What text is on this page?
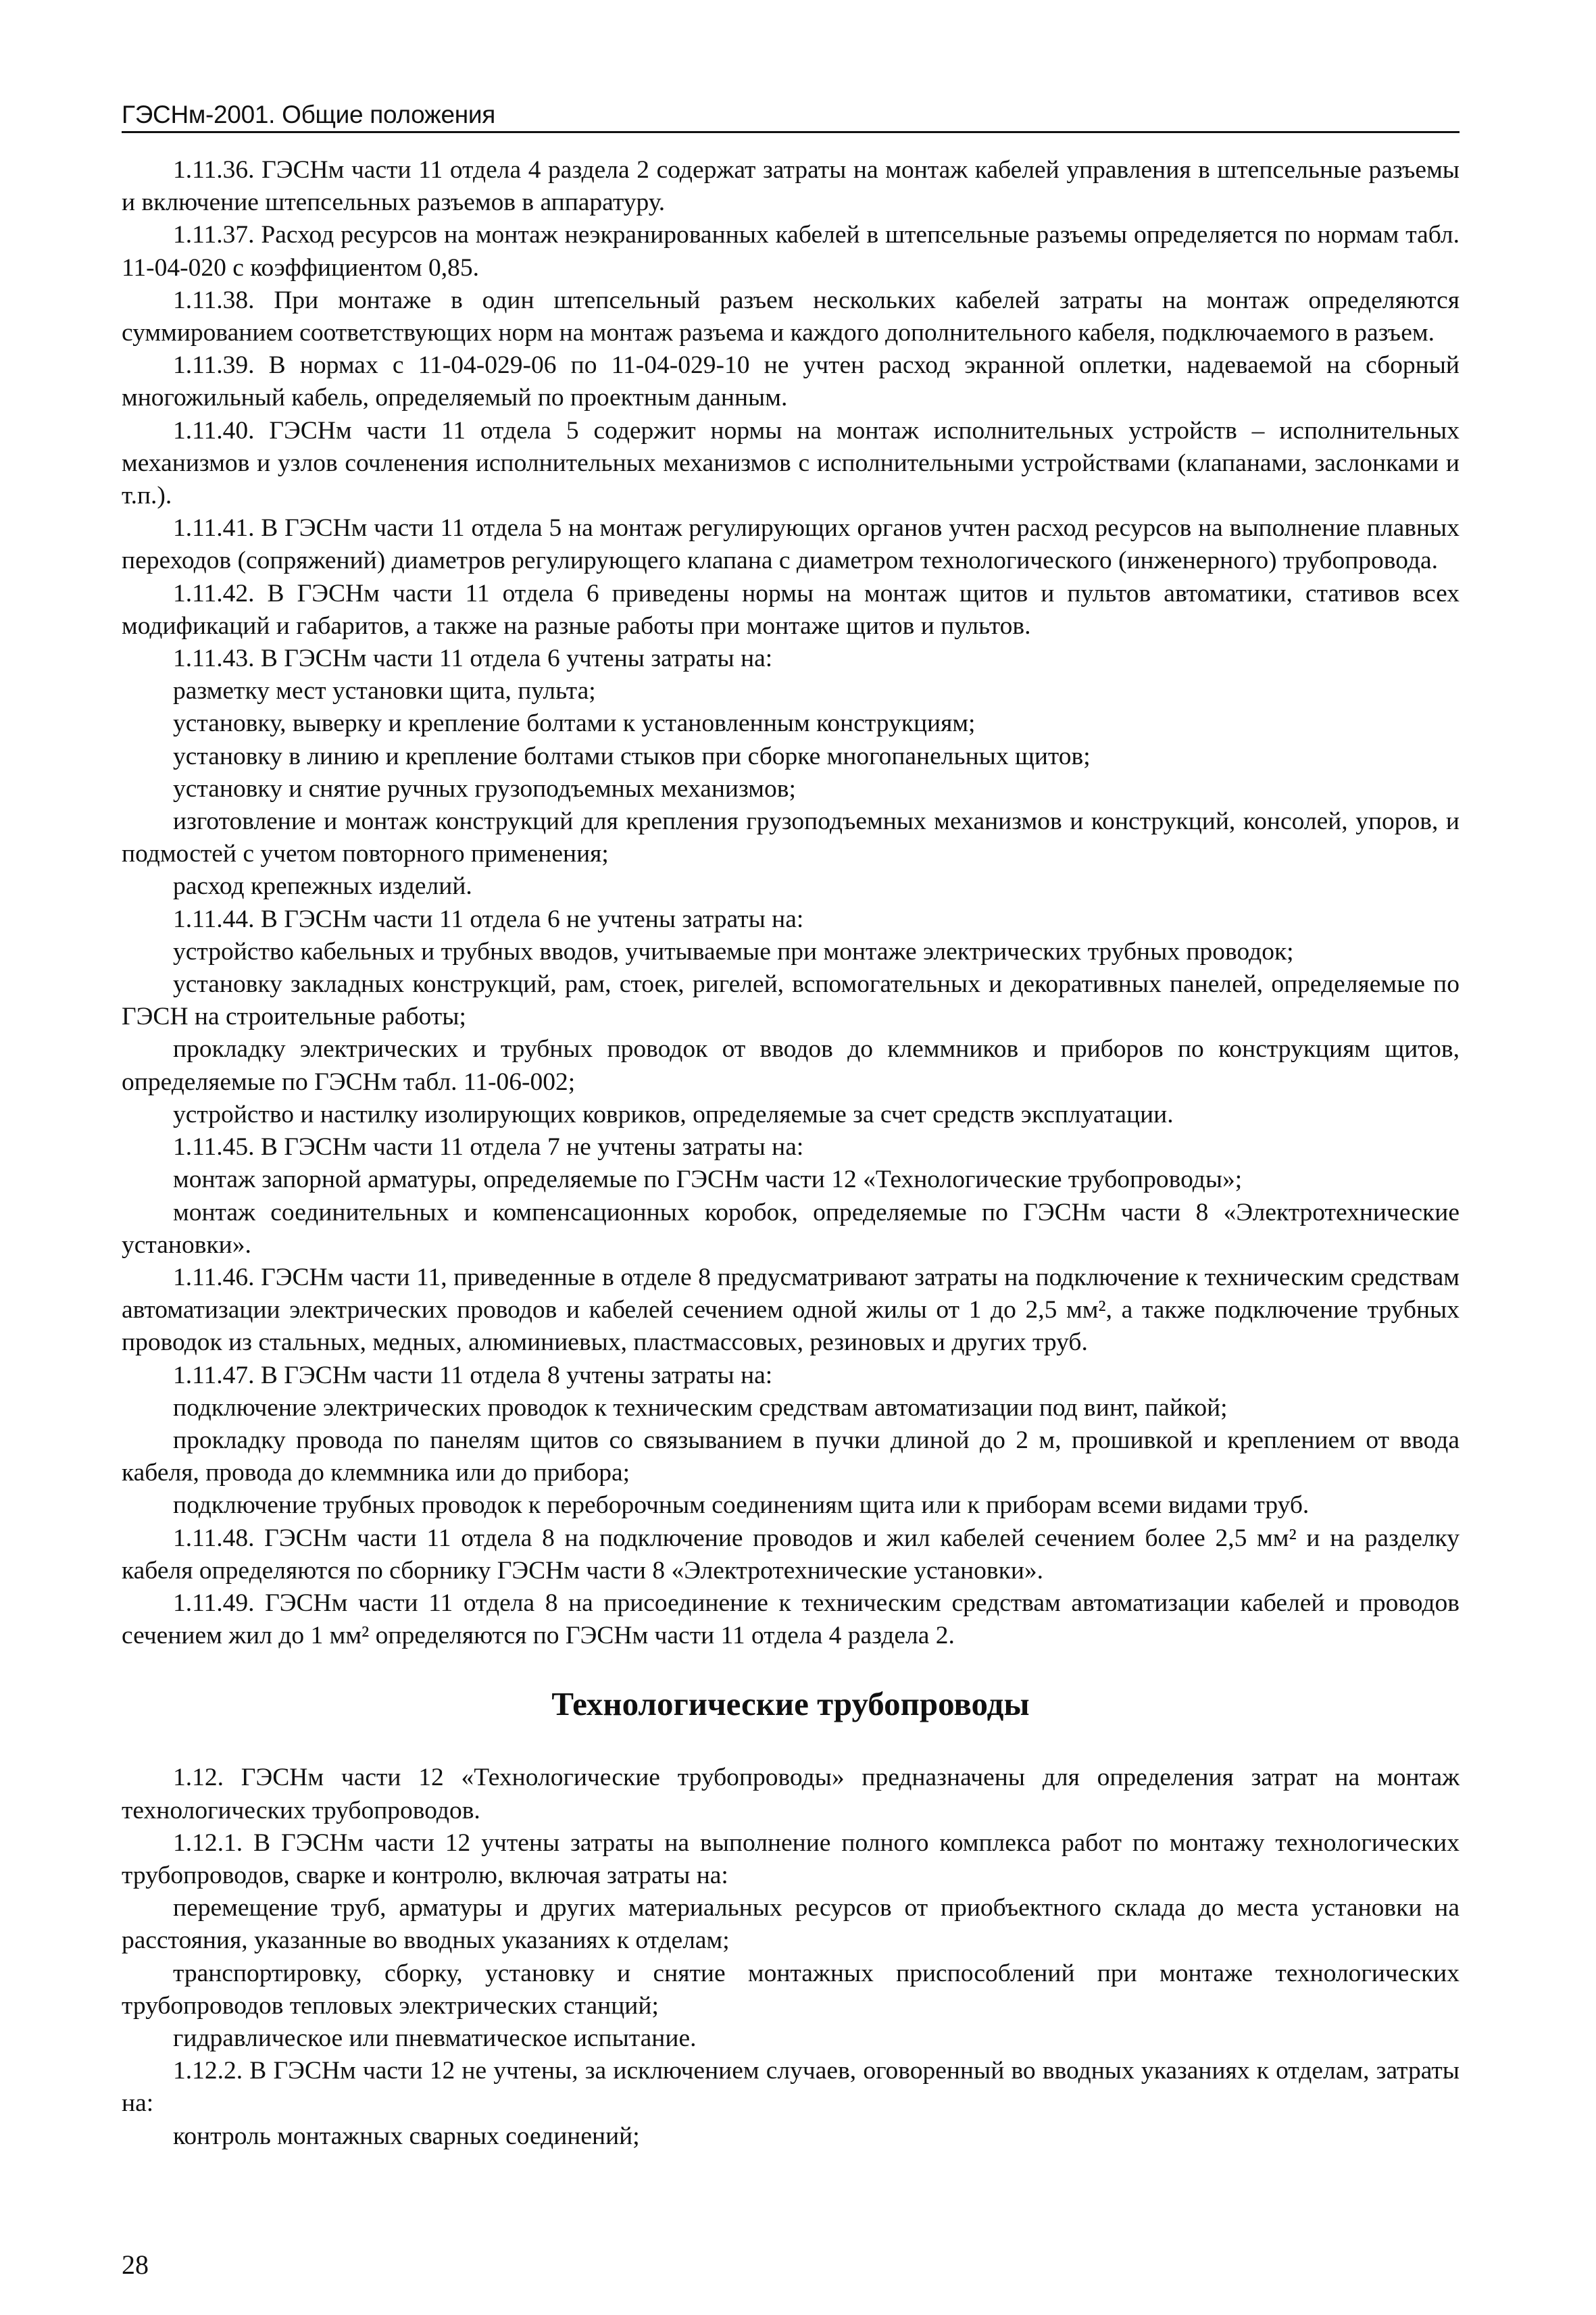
ГЭСНм-2001. Общие положения

1.11.36. ГЭСНм части 11 отдела 4 раздела 2 содержат затраты на монтаж кабелей управления в штепсельные разъемы и включение штепсельных разъемов в аппаратуру.

1.11.37. Расход ресурсов на монтаж неэкранированных кабелей в штепсельные разъемы определяется по нормам табл. 11-04-020 с коэффициентом 0,85.

1.11.38. При монтаже в один штепсельный разъем нескольких кабелей затраты на монтаж определяются суммированием соответствующих норм на монтаж разъема и каждого дополнительного кабеля, подключаемого в разъем.

1.11.39. В нормах с 11-04-029-06 по 11-04-029-10 не учтен расход экранной оплетки, надеваемой на сборный многожильный кабель, определяемый по проектным данным.

1.11.40. ГЭСНм части 11 отдела 5 содержит нормы на монтаж исполнительных устройств – исполнительных механизмов и узлов сочленения исполнительных механизмов с исполнительными устройствами (клапанами, заслонками и т.п.).

1.11.41. В ГЭСНм части 11 отдела 5 на монтаж регулирующих органов учтен расход ресурсов на выполнение плавных переходов (сопряжений) диаметров регулирующего клапана с диаметром технологического (инженерного) трубопровода.

1.11.42. В ГЭСНм части 11 отдела 6 приведены нормы на монтаж щитов и пультов автоматики, стативов всех модификаций и габаритов, а также на разные работы при монтаже щитов и пультов.

1.11.43. В ГЭСНм части 11 отдела 6 учтены затраты на:

разметку мест установки щита, пульта;

установку, выверку и крепление болтами к установленным конструкциям;

установку в линию и крепление болтами стыков при сборке многопанельных щитов;

установку и снятие ручных грузоподъемных механизмов;

изготовление и монтаж конструкций для крепления грузоподъемных механизмов и конструкций, консолей, упоров, и подмостей с учетом повторного применения;

расход крепежных изделий.

1.11.44. В ГЭСНм части 11 отдела 6 не учтены затраты на:

устройство кабельных и трубных вводов, учитываемые при монтаже электрических трубных проводок;

установку закладных конструкций, рам, стоек, ригелей, вспомогательных и декоративных панелей, определяемые по ГЭСН на строительные работы;

прокладку электрических и трубных проводок от вводов до клеммников и приборов по конструкциям щитов, определяемые по ГЭСНм табл. 11-06-002;

устройство и настилку изолирующих ковриков, определяемые за счет средств эксплуатации.

1.11.45. В ГЭСНм части 11 отдела 7 не учтены затраты на:

монтаж запорной арматуры, определяемые по ГЭСНм части 12 «Технологические трубопроводы»;

монтаж соединительных и компенсационных коробок, определяемые по ГЭСНм части 8 «Электротехнические установки».

1.11.46. ГЭСНм части 11, приведенные в отделе 8 предусматривают затраты на подключение к техническим средствам автоматизации электрических проводов и кабелей сечением одной жилы от 1 до 2,5 мм², а также подключение трубных проводок из стальных, медных, алюминиевых, пластмассовых, резиновых и других труб.

1.11.47. В ГЭСНм части 11 отдела 8 учтены затраты на:

подключение электрических проводок к техническим средствам автоматизации под винт, пайкой;

прокладку провода по панелям щитов со связыванием в пучки длиной до 2 м, прошивкой и креплением от ввода кабеля, провода до клеммника или до прибора;

подключение трубных проводок к переборочным соединениям щита или к приборам всеми видами труб.

1.11.48. ГЭСНм части 11 отдела 8 на подключение проводов и жил кабелей сечением более 2,5 мм² и на разделку кабеля определяются по сборнику ГЭСНм части 8 «Электротехнические установки».

1.11.49. ГЭСНм части 11 отдела 8 на присоединение к техническим средствам автоматизации кабелей и проводов сечением жил до 1 мм² определяются по ГЭСНм части 11 отдела 4 раздела 2.

Технологические трубопроводы

1.12. ГЭСНм части 12 «Технологические трубопроводы» предназначены для определения затрат на монтаж технологических трубопроводов.

1.12.1. В ГЭСНм части 12 учтены затраты на выполнение полного комплекса работ по монтажу технологических трубопроводов, сварке и контролю, включая затраты на:

перемещение труб, арматуры и других материальных ресурсов от приобъектного склада до места установки на расстояния, указанные во вводных указаниях к отделам;

транспортировку, сборку, установку и снятие монтажных приспособлений при монтаже технологических трубопроводов тепловых электрических станций;

гидравлическое или пневматическое испытание.

1.12.2. В ГЭСНм части 12 не учтены, за исключением случаев, оговоренный во вводных указаниях к отделам, затраты на:

контроль монтажных сварных соединений;

28
